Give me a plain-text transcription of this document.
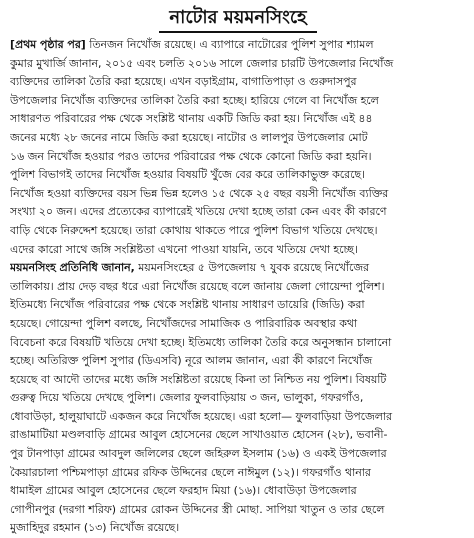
নাটোর ময়মনসিংহে
[প্রথম পৃষ্ঠার পর] তিনজন নিখোঁজ রয়েছে। এ ব্যাপারে নাটোরের পুলিশ সুপার শ্যামল
কুমার মুখার্জি জানান, ২০১৫ এবং চলতি ২০১৬ সালে জেলার চারটি উপজেলার নিখোঁজ
ব্যক্তিদের তালিকা তৈরি করা হয়েছে। এখন বড়াইগ্রাম, বাগাতিপাড়া ও গুরুদাসপুর
উপজেলার নিখোঁজ ব্যক্তিদের তালিকা তৈরি করা হচ্ছে। হারিয়ে গেলে বা নিখোঁজ হলে
সাধারণত পরিবারের পক্ষ থেকে সংশ্লিষ্ট থানায় একটি জিডি করা হয়। নিখোঁজ এই ৪৪
জনের মধ্যে ২৮ জনের নামে জিডি করা হয়েছে। নাটোর ও লালপুর উপজেলার মোট
১৬ জন নিখোঁজ হওয়ার পরও তাদের পরিবারের পক্ষ থেকে কোনো জিডি করা হয়নি।
পুলিশ বিভাগই তাদের নিখোঁজ হওয়ার বিষয়টি খুঁজে বের করে তালিকাভুক্ত করেছে।
নিখোঁজ হওয়া ব্যক্তিদের বয়স ভিন্ন ভিন্ন হলেও ১৫ থেকে ২৫ বছর বয়সী নিখোঁজ ব্যক্তির
সংখ্যা ২০ জন। এদের প্রত্যেকের ব্যাপারেই খতিয়ে দেখা হচ্ছে তারা কেন এবং কী কারণে
বাড়ি থেকে নিরুদ্দেশ হয়েছে। তারা কোথায় থাকতে পারে পুলিশ বিভাগ খতিয়ে দেখছে।
এদের কারো সাথে জঙ্গি সংশ্লিষ্টতা এখনো পাওয়া যায়নি, তবে খতিয়ে দেখা হচ্ছে।
ময়মনসিংহ প্রতিনিধি জানান, ময়মনসিংহের ৫ উপজেলায় ৭ যুবক রয়েছে নিখোঁজের
তালিকায়। প্রায় দেড় বছর ধরে এরা নিখোঁজ রয়েছে বলে জানায় জেলা গোয়েন্দা পুলিশ।
ইতিমধ্যে নিখোঁজ পরিবারের পক্ষ থেকে সংশ্লিষ্ট থানায় সাধারণ ডায়েরি (জিডি) করা
হয়েছে। গোয়েন্দা পুলিশ বলছে, নিখোঁজদের সামাজিক ও পারিবারিক অবস্থার কথা
বিবেচনা করে বিষয়টি খতিয়ে দেখা হচ্ছে। ইতিমধ্যে তালিকা তৈরি করে অনুসন্ধান চালানো
হচ্ছে। অতিরিক্ত পুলিশ সুপার (ডিএসবি) নূরে আলম জানান, এরা কী কারণে নিখোঁজ
হয়েছে বা আদৌ তাদের মধ্যে জঙ্গি সংশ্লিষ্টতা রয়েছে কিনা তা নিশ্চিত নয় পুলিশ। বিষয়টি
গুরুত্ব দিয়ে খতিয়ে দেখছে পুলিশ। জেলার ফুলবাড়িয়ায় ৩ জন, ভালুকা, গফরগাঁও,
ধোবাউড়া, হালুয়াঘাটে একজন করে নিখোঁজ হয়েছে। এরা হলো— ফুলবাড়িয়া উপজেলার
রাঙামাটিয়া মণ্ডলবাড়ি গ্রামের আবুল হোসেনের ছেলে সাখাওয়াত হোসেন (২৮), ভবানী-
পুর টানপাড়া গ্রামের আবদুল জলিলের ছেলে জহিরুল ইসলাম (১৬) ও একই উপজেলার
কৈয়ারচালা পশ্চিমপাড়া গ্রামের রফিক উদ্দিনের ছেলে নাঈমুল (১২)। গফরগাঁও থানার
ধামাইল গ্রামের আবুল হোসেনের ছেলে ফরহাদ মিয়া (১৬)। ধোবাউড়া উপজেলার
গোপীনপুর (দরগা শরিফ) গ্রামের রোকন উদ্দিনের স্ত্রী মোছা. সাপিয়া খাতুন ও তার ছেলে
মুজাহিদুর রহমান (১৩) নিখোঁজ রয়েছে।
